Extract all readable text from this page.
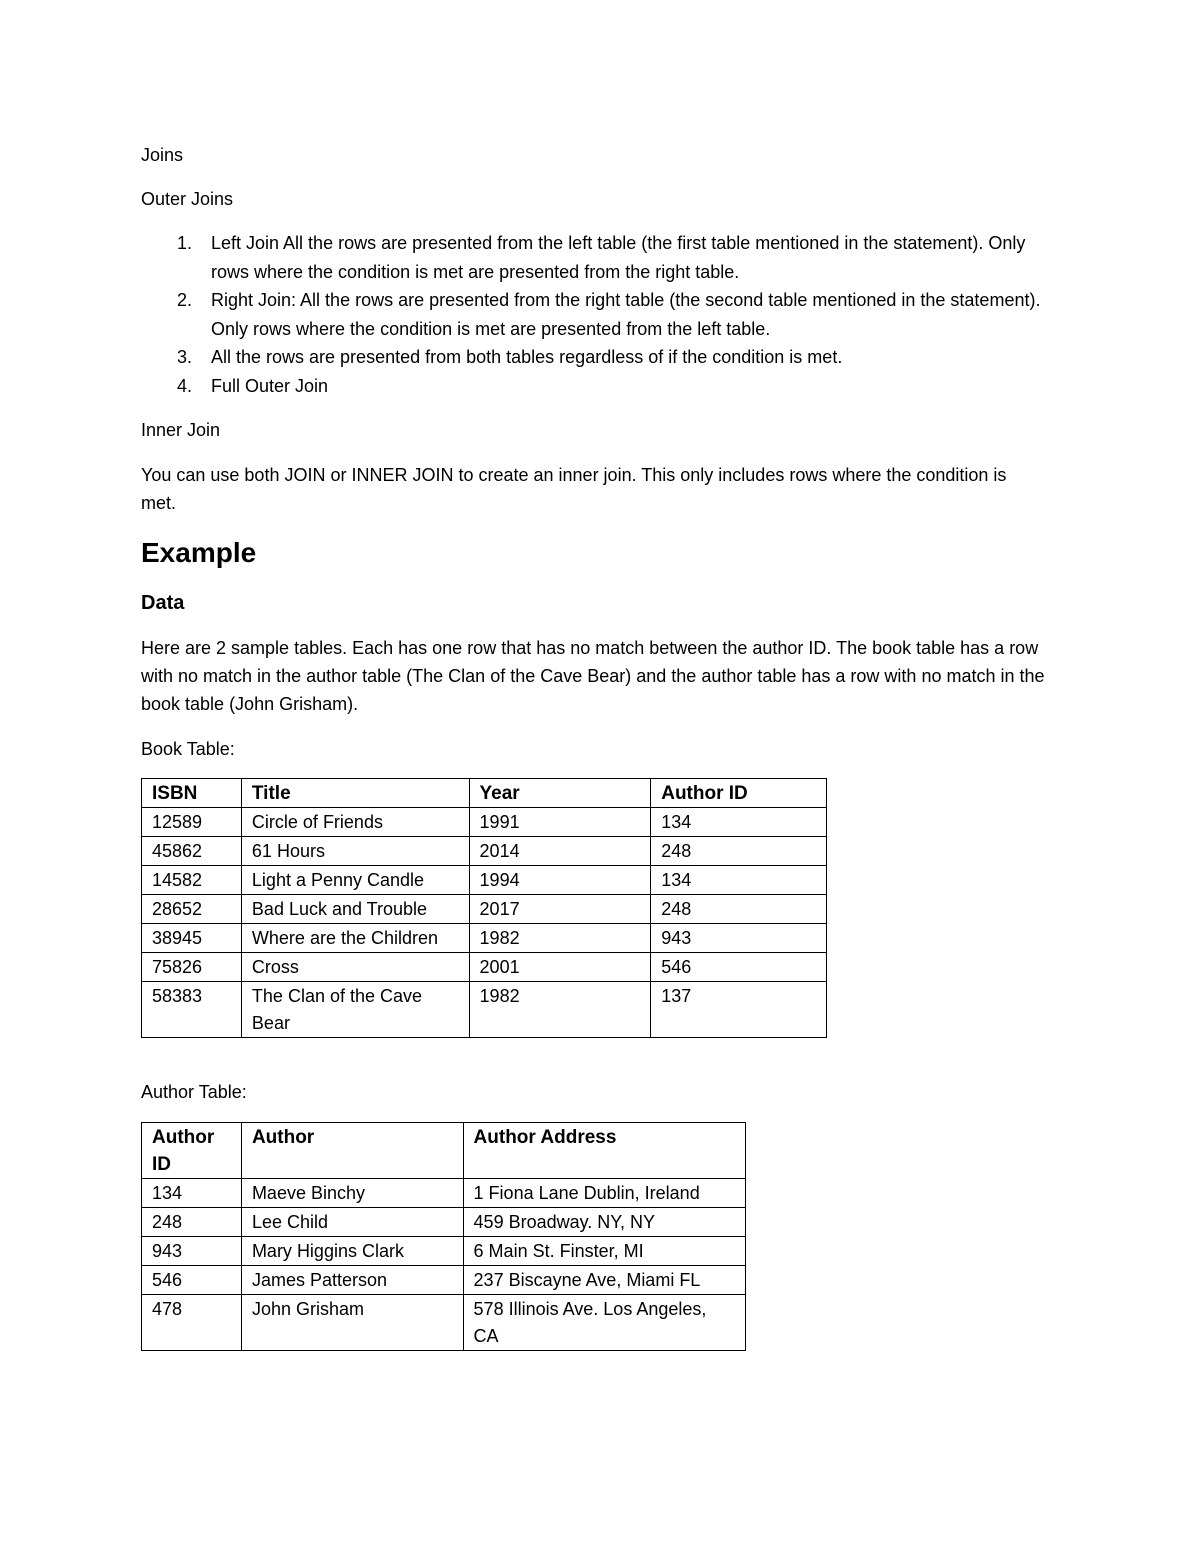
Joins

Outer Joins

1. Left Join All the rows are presented from the left table (the first table mentioned in the statement). Only rows where the condition is met are presented from the right table.
2. Right Join: All the rows are presented from the right table (the second table mentioned in the statement). Only rows where the condition is met are presented from the left table.
3. All the rows are presented from both tables regardless of if the condition is met.
4. Full Outer Join

Inner Join

You can use both JOIN or INNER JOIN to create an inner join. This only includes rows where the condition is met.

Example
Data

Here are 2 sample tables. Each has one row that has no match between the author ID. The book table has a row with no match in the author table (The Clan of the Cave Bear) and the author table has a row with no match in the book table (John Grisham).

Book Table:

ISBN	Title	Year	Author ID
12589	Circle of Friends	1991	134
45862	61 Hours	2014	248
14582	Light a Penny Candle	1994	134
28652	Bad Luck and Trouble	2017	248
38945	Where are the Children	1982	943
75826	Cross	2001	546
58383	The Clan of the Cave Bear	1982	137

Author Table:

Author ID	Author	Author Address
134	Maeve Binchy	1 Fiona Lane Dublin, Ireland
248	Lee Child	459 Broadway. NY, NY
943	Mary Higgins Clark	6 Main St. Finster, MI
546	James Patterson	237 Biscayne Ave, Miami FL
478	John Grisham	578 Illinois Ave. Los Angeles, CA
